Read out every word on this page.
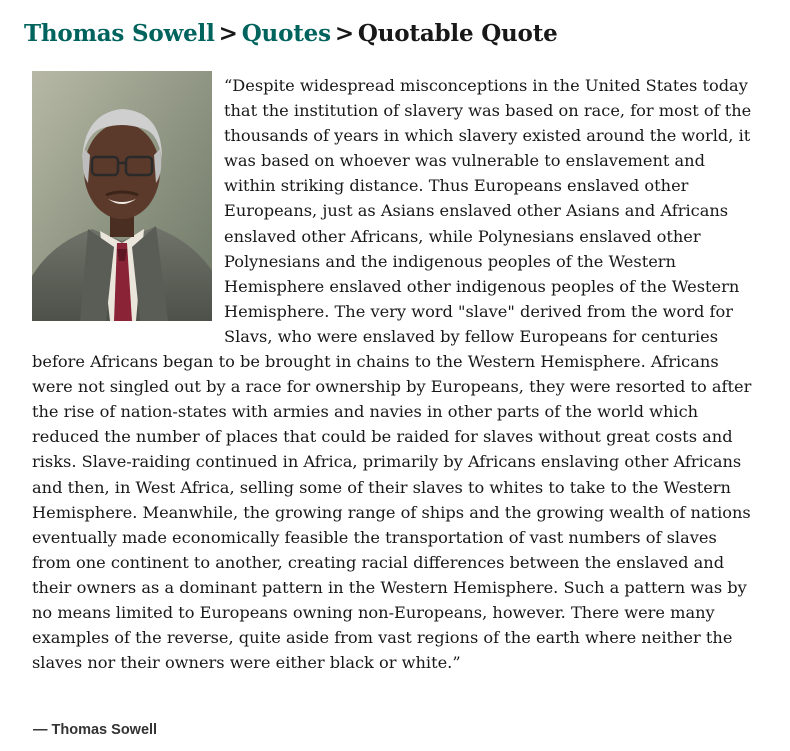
Thomas Sowell > Quotes > Quotable Quote

“Despite widespread misconceptions in the United States today that the institution of slavery was based on race, for most of the thousands of years in which slavery existed around the world, it was based on whoever was vulnerable to enslavement and within striking distance. Thus Europeans enslaved other Europeans, just as Asians enslaved other Asians and Africans enslaved other Africans, while Polynesians enslaved other Polynesians and the indigenous peoples of the Western Hemisphere enslaved other indigenous peoples of the Western Hemisphere. The very word "slave" derived from the word for Slavs, who were enslaved by fellow Europeans for centuries before Africans began to be brought in chains to the Western Hemisphere. Africans were not singled out by a race for ownership by Europeans, they were resorted to after the rise of nation-states with armies and navies in other parts of the world which reduced the number of places that could be raided for slaves without great costs and risks. Slave-raiding continued in Africa, primarily by Africans enslaving other Africans and then, in West Africa, selling some of their slaves to whites to take to the Western Hemisphere. Meanwhile, the growing range of ships and the growing wealth of nations eventually made economically feasible the transportation of vast numbers of slaves from one continent to another, creating racial differences between the enslaved and their owners as a dominant pattern in the Western Hemisphere. Such a pattern was by no means limited to Europeans owning non-Europeans, however. There were many examples of the reverse, quite aside from vast regions of the earth where neither the slaves nor their owners were either black or white.”

― Thomas Sowell
